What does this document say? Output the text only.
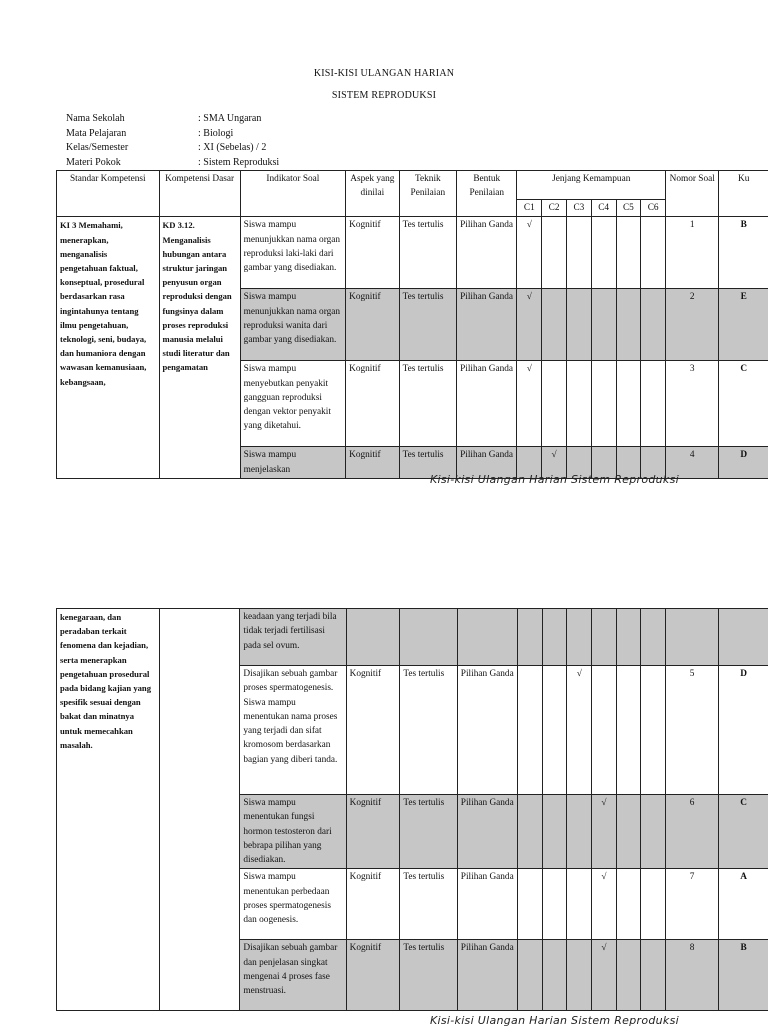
KISI-KISI ULANGAN HARIAN
SISTEM REPRODUKSI
Nama Sekolah	: SMA Ungaran
Mata Pelajaran	: Biologi
Kelas/Semester	: XI (Sebelas) / 2
Materi Pokok	: Sistem Reproduksi
Standar Kompetensi	Kompetensi Dasar	Indikator Soal	Aspek yang dinilai	Teknik Penilaian	Bentuk Penilaian	Jenjang Kemampuan						Nomor Soal	Ku
						C1	C2	C3	C4	C5	C6		
KI 3 Memahami, menerapkan, menganalisis pengetahuan faktual, konseptual, prosedural berdasarkan rasa ingintahunya tentang ilmu pengetahuan, teknologi, seni, budaya, dan humaniora dengan wawasan kemanusiaan, kebangsaan,	KD 3.12. Menganalisis hubungan antara struktur jaringan penyusun organ reproduksi dengan fungsinya dalam proses reproduksi manusia melalui studi literatur dan pengamatan	Siswa mampu menunjukkan nama organ reproduksi laki-laki dari gambar yang disediakan.	Kognitif	Tes tertulis	Pilihan Ganda	√						1	B
		Siswa mampu menunjukkan nama organ reproduksi wanita dari gambar yang disediakan.	Kognitif	Tes tertulis	Pilihan Ganda	√						2	E
		Siswa mampu menyebutkan penyakit gangguan reproduksi dengan vektor penyakit yang diketahui.	Kognitif	Tes tertulis	Pilihan Ganda	√						3	C
		Siswa mampu menjelaskan	Kognitif	Tes tertulis	Pilihan Ganda		√					4	D
Kisi-kisi Ulangan Harian Sistem Reproduksi
kenegaraan, dan peradaban terkait fenomena dan kejadian, serta menerapkan pengetahuan prosedural pada bidang kajian yang spesifik sesuai dengan bakat dan minatnya untuk memecahkan masalah.		keadaan yang terjadi bila tidak terjadi fertilisasi pada sel ovum.											
		Disajikan sebuah gambar proses spermatogenesis. Siswa mampu menentukan nama proses yang terjadi dan sifat kromosom berdasarkan bagian yang diberi tanda.	Kognitif	Tes tertulis	Pilihan Ganda			√				5	D
		Siswa mampu menentukan fungsi hormon testosteron dari bebrapa pilihan yang disediakan.	Kognitif	Tes tertulis	Pilihan Ganda				√			6	C
		Siswa mampu menentukan perbedaan proses spermatogenesis dan oogenesis.	Kognitif	Tes tertulis	Pilihan Ganda				√			7	A
		Disajikan sebuah gambar dan penjelasan singkat mengenai 4 proses fase menstruasi.	Kognitif	Tes tertulis	Pilihan Ganda				√			8	B
Kisi-kisi Ulangan Harian Sistem Reproduksi
